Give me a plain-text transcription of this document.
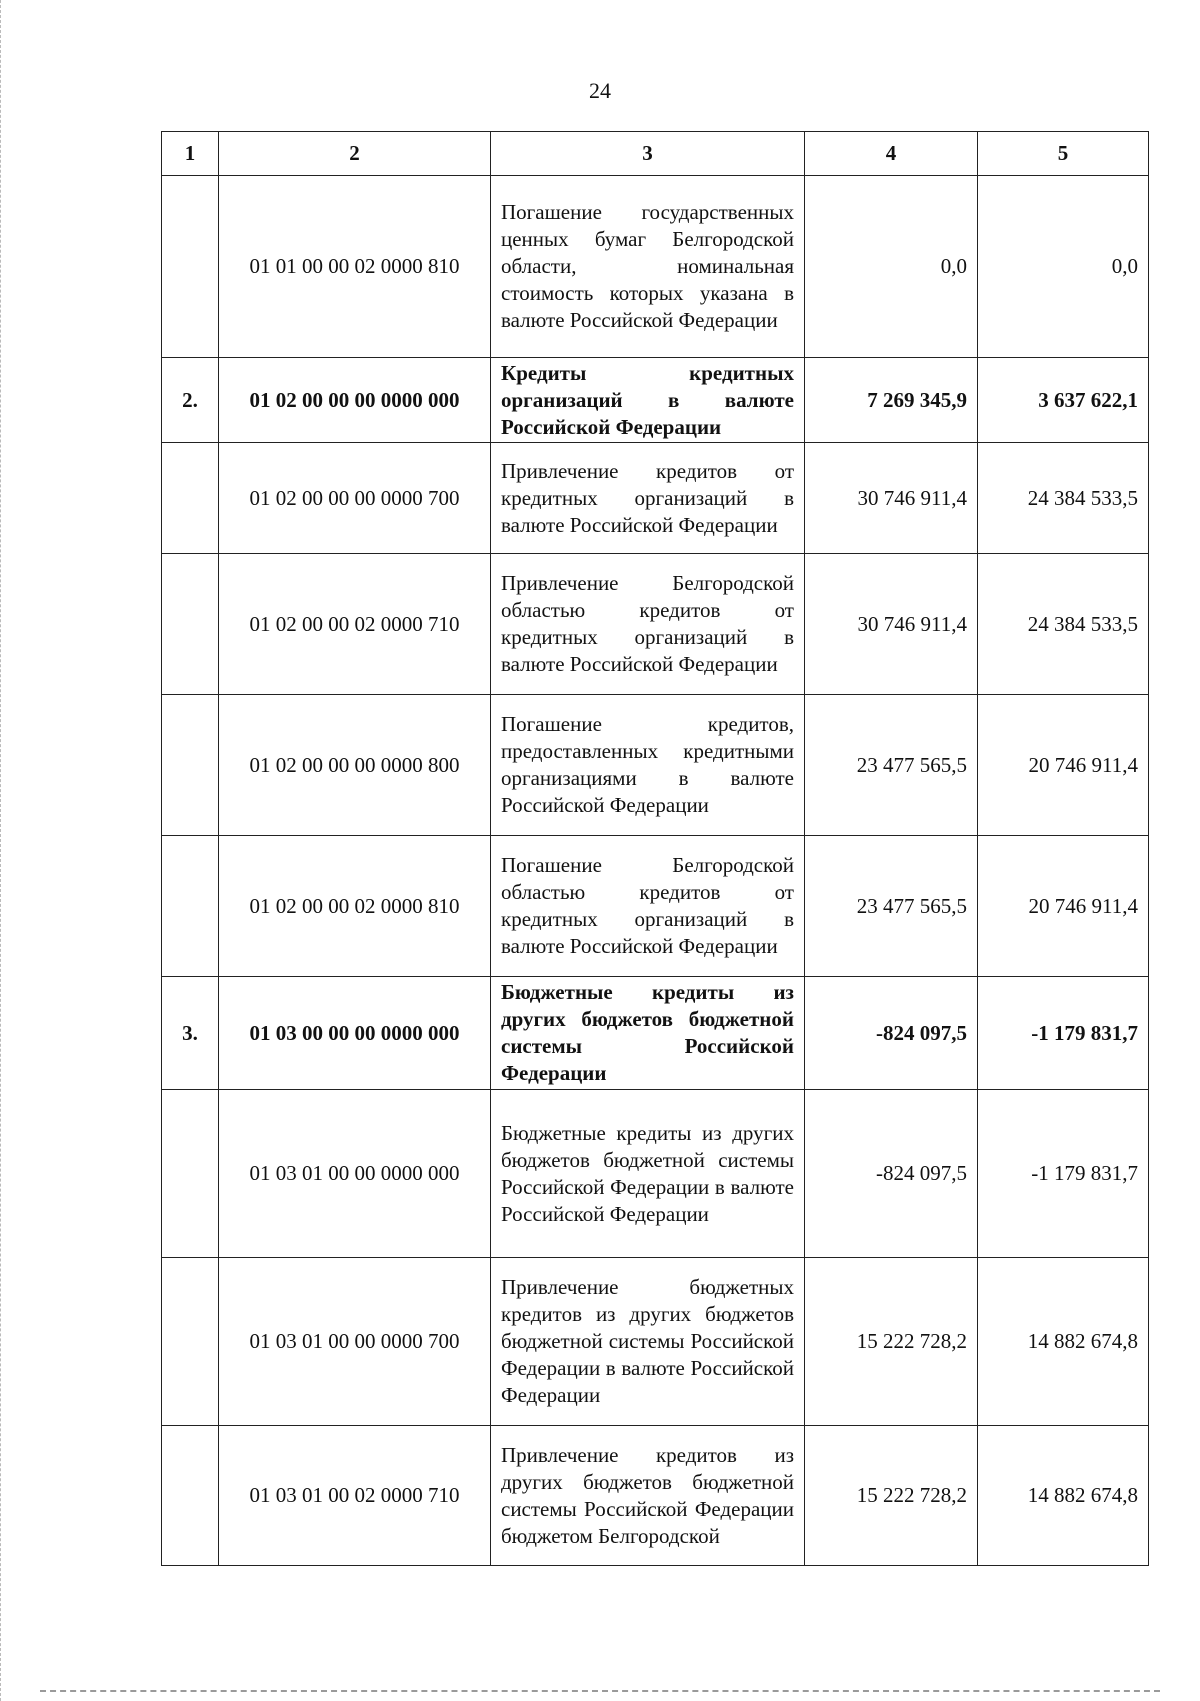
24
1	2	3	4	5
	01 01 00 00 02 0000 810	Погашение государственных ценных бумаг Белгородской области, номинальная стоимость которых указана в валюте Российской Федерации	0,0	0,0
2.	01 02 00 00 00 0000 000	Кредиты кредитных организаций в валюте Российской Федерации	7 269 345,9	3 637 622,1
	01 02 00 00 00 0000 700	Привлечение кредитов от кредитных организаций в валюте Российской Федерации	30 746 911,4	24 384 533,5
	01 02 00 00 02 0000 710	Привлечение Белгородской областью кредитов от кредитных организаций в валюте Российской Федерации	30 746 911,4	24 384 533,5
	01 02 00 00 00 0000 800	Погашение кредитов, предоставленных кредитными организациями в валюте Российской Федерации	23 477 565,5	20 746 911,4
	01 02 00 00 02 0000 810	Погашение Белгородской областью кредитов от кредитных организаций в валюте Российской Федерации	23 477 565,5	20 746 911,4
3.	01 03 00 00 00 0000 000	Бюджетные кредиты из других бюджетов бюджетной системы Российской Федерации	-824 097,5	-1 179 831,7
	01 03 01 00 00 0000 000	Бюджетные кредиты из других бюджетов бюджетной системы Российской Федерации в валюте Российской Федерации	-824 097,5	-1 179 831,7
	01 03 01 00 00 0000 700	Привлечение бюджетных кредитов из других бюджетов бюджетной системы Российской Федерации в валюте Российской Федерации	15 222 728,2	14 882 674,8
	01 03 01 00 02 0000 710	Привлечение кредитов из других бюджетов бюджетной системы Российской Федерации бюджетом Белгородской	15 222 728,2	14 882 674,8
